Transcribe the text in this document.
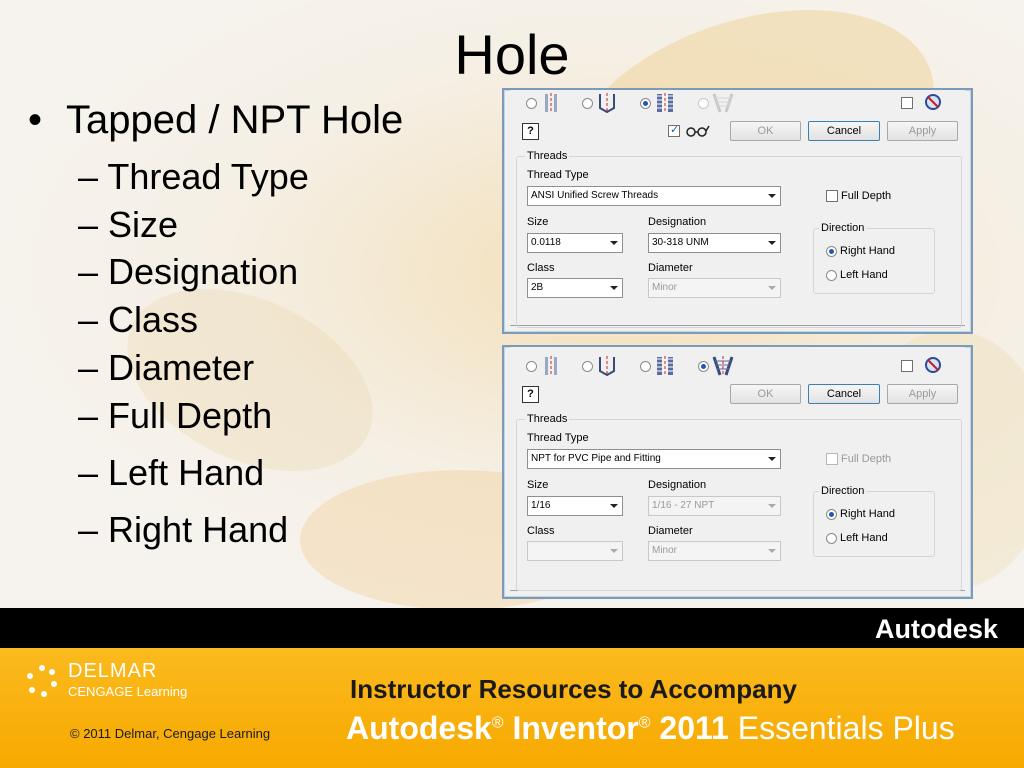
Hole
• Tapped / NPT Hole
– Thread Type
– Size
– Designation
– Class
– Diameter
– Full Depth
– Left Hand
– Right Hand
?
✓	OK	Cancel	Apply
Threads
Thread Type
ANSI Unified Screw Threads	Full Depth
Size
0.0118
Designation
30-318 UNM
Class
2B
Diameter
Minor
Direction
Right Hand
Left Hand
?	OK	Cancel	Apply
Threads
Thread Type
NPT for PVC Pipe and Fitting	Full Depth
Size
1/16
Designation
1/16 - 27 NPT
Class	Diameter
Minor
Direction
Right Hand
Left Hand
Autodesk
DELMAR
CENGAGE Learning
© 2011 Delmar, Cengage Learning
Instructor Resources to Accompany
Autodesk® Inventor® 2011 Essentials Plus
